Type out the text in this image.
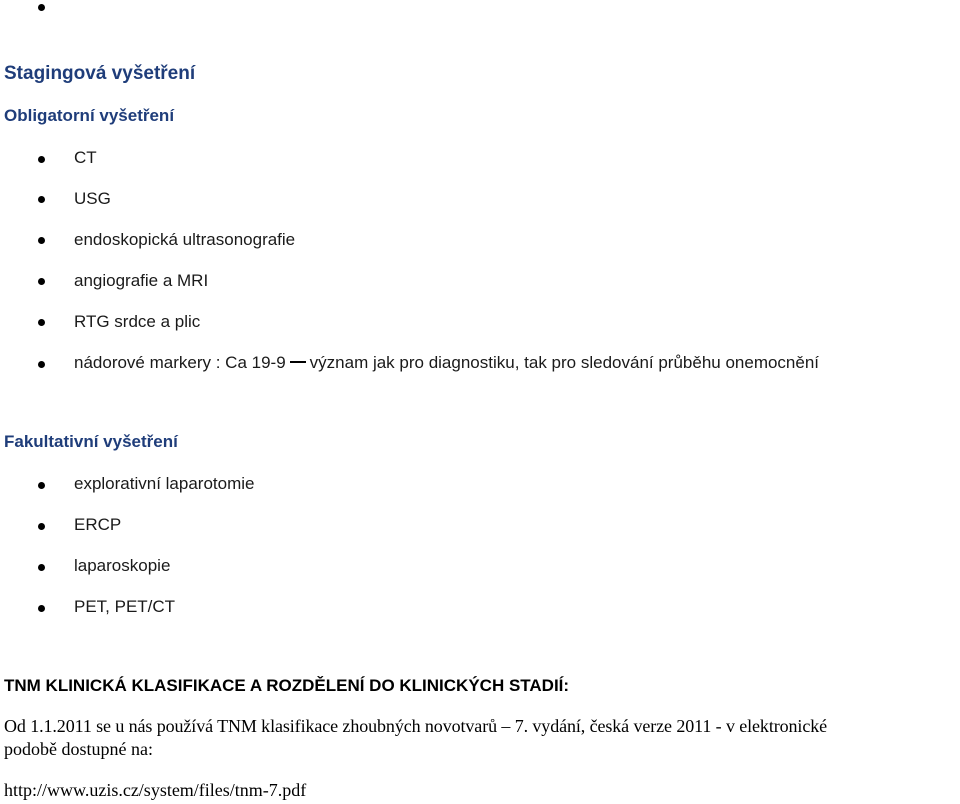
Stagingová vyšetření
Obligatorní vyšetření
CT
USG
endoskopická ultrasonografie
angiografie a MRI
RTG srdce a plic
nádorové markery : Ca 19-9 význam jak pro diagnostiku, tak pro sledování průběhu onemocnění
Fakultativní vyšetření
explorativní laparotomie
ERCP
laparoskopie
PET, PET/CT
TNM KLINICKÁ KLASIFIKACE A ROZDĚLENÍ DO KLINICKÝCH STADIÍ:
Od 1.1.2011 se u nás používá TNM klasifikace zhoubných novotvarů – 7. vydání, česká verze 2011 - v elektronické
podobě dostupné na:
http://www.uzis.cz/system/files/tnm-7.pdf
